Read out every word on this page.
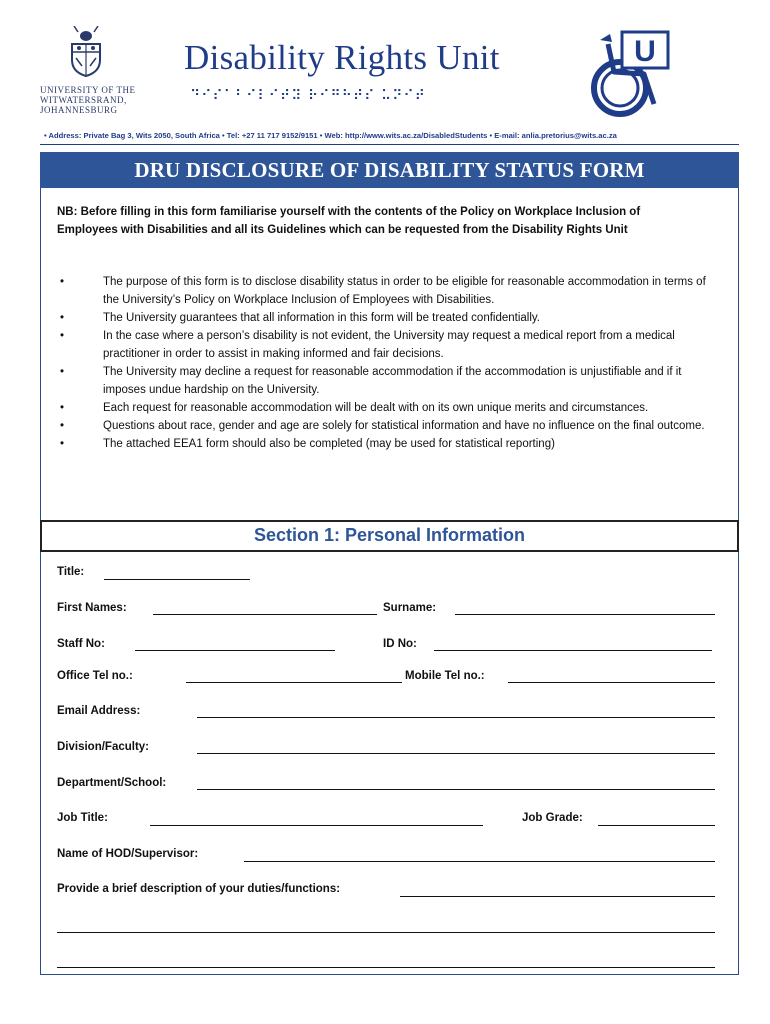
UNIVERSITY OF THE
WITWATERSRAND,
JOHANNESBURG
Disability Rights Unit
⠙⠊⠎⠁⠃⠊⠇⠊⠞⠽ ⠗⠊⠛⠓⠞⠎ ⠥⠝⠊⠞
U
• Address: Private Bag 3, Wits 2050, South Africa • Tel: +27 11 717 9152/9151 • Web: http://www.wits.ac.za/DisabledStudents • E-mail: anlia.pretorius@wits.ac.za
DRU DISCLOSURE OF DISABILITY STATUS FORM
NB: Before filling in this form familiarise yourself with the contents of the Policy on Workplace Inclusion of Employees with Disabilities and all its Guidelines which can be requested from the Disability Rights Unit
•	The purpose of this form is to disclose disability status in order to be eligible for reasonable accommodation in terms of the University’s Policy on Workplace Inclusion of Employees with Disabilities.
•	The University guarantees that all information in this form will be treated confidentially.
•	In the case where a person’s disability is not evident, the University may request a medical report from a medical practitioner in order to assist in making informed and fair decisions.
•	The University may decline a request for reasonable accommodation if the accommodation is unjustifiable and if it imposes undue hardship on the University.
•	Each request for reasonable accommodation will be dealt with on its own unique merits and circumstances.
•	Questions about race, gender and age are solely for statistical information and have no influence on the final outcome.
•	The attached EEA1 form should also be completed (may be used for statistical reporting)
Section 1: Personal Information
Title:
First Names:	Surname:
Staff No:	ID No:
Office Tel no.:	Mobile Tel no.:
Email Address:
Division/Faculty:
Department/School:
Job Title:	Job Grade:
Name of HOD/Supervisor:
Provide a brief description of your duties/functions:
